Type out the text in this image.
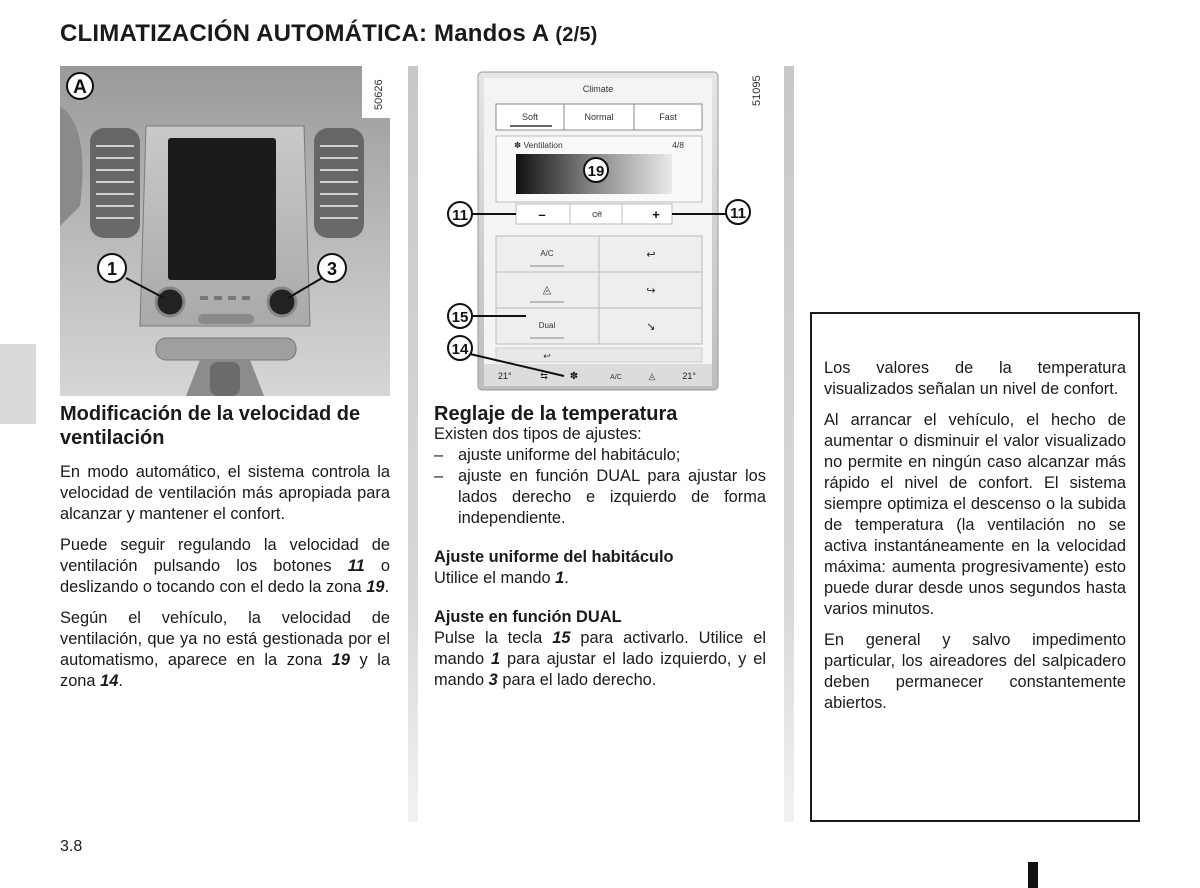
CLIMATIZACIÓN AUTOMÁTICA: Mandos A (2/5)
A	50626
1	3
Climate
Soft	Normal	Fast
✽ Ventilation	4/8
–	Off	+
A/C	↩
◬	↪
Dual	↘
↩
21°	⇆ ✽	A/C	◬	21°
51095
19
11	11
15
14
Modificación de la velocidad de ventilación

En modo automático, el sistema controla la velocidad de ventilación más apropiada para alcanzar y mantener el confort.

Puede seguir regulando la velocidad de ventilación pulsando los botones 11 o deslizando o tocando con el dedo la zona 19.

Según el vehículo, la velocidad de ventilación, que ya no está gestionada por el automatismo, aparece en la zona 19 y la zona 14.

Reglaje de la temperatura

Existen dos tipos de ajustes:

– ajuste uniforme del habitáculo;
– ajuste en función DUAL para ajustar los lados derecho e izquierdo de forma independiente.
Ajuste uniforme del habitáculo

Utilice el mando 1.

Ajuste en función DUAL

Pulse la tecla 15 para activarlo. Utilice el mando 1 para ajustar el lado izquierdo, y el mando 3 para el lado derecho.

Los valores de la temperatura visualizados señalan un nivel de confort.

Al arrancar el vehículo, el hecho de aumentar o disminuir el valor visualizado no permite en ningún caso alcanzar más rápido el nivel de confort. El sistema siempre optimiza el descenso o la subida de temperatura (la ventilación no se activa instantáneamente en la velocidad máxima: aumenta progresivamente) esto puede durar desde unos segundos hasta varios minutos.

En general y salvo impedimento particular, los aireadores del salpicadero deben permanecer constantemente abiertos.

3.8
